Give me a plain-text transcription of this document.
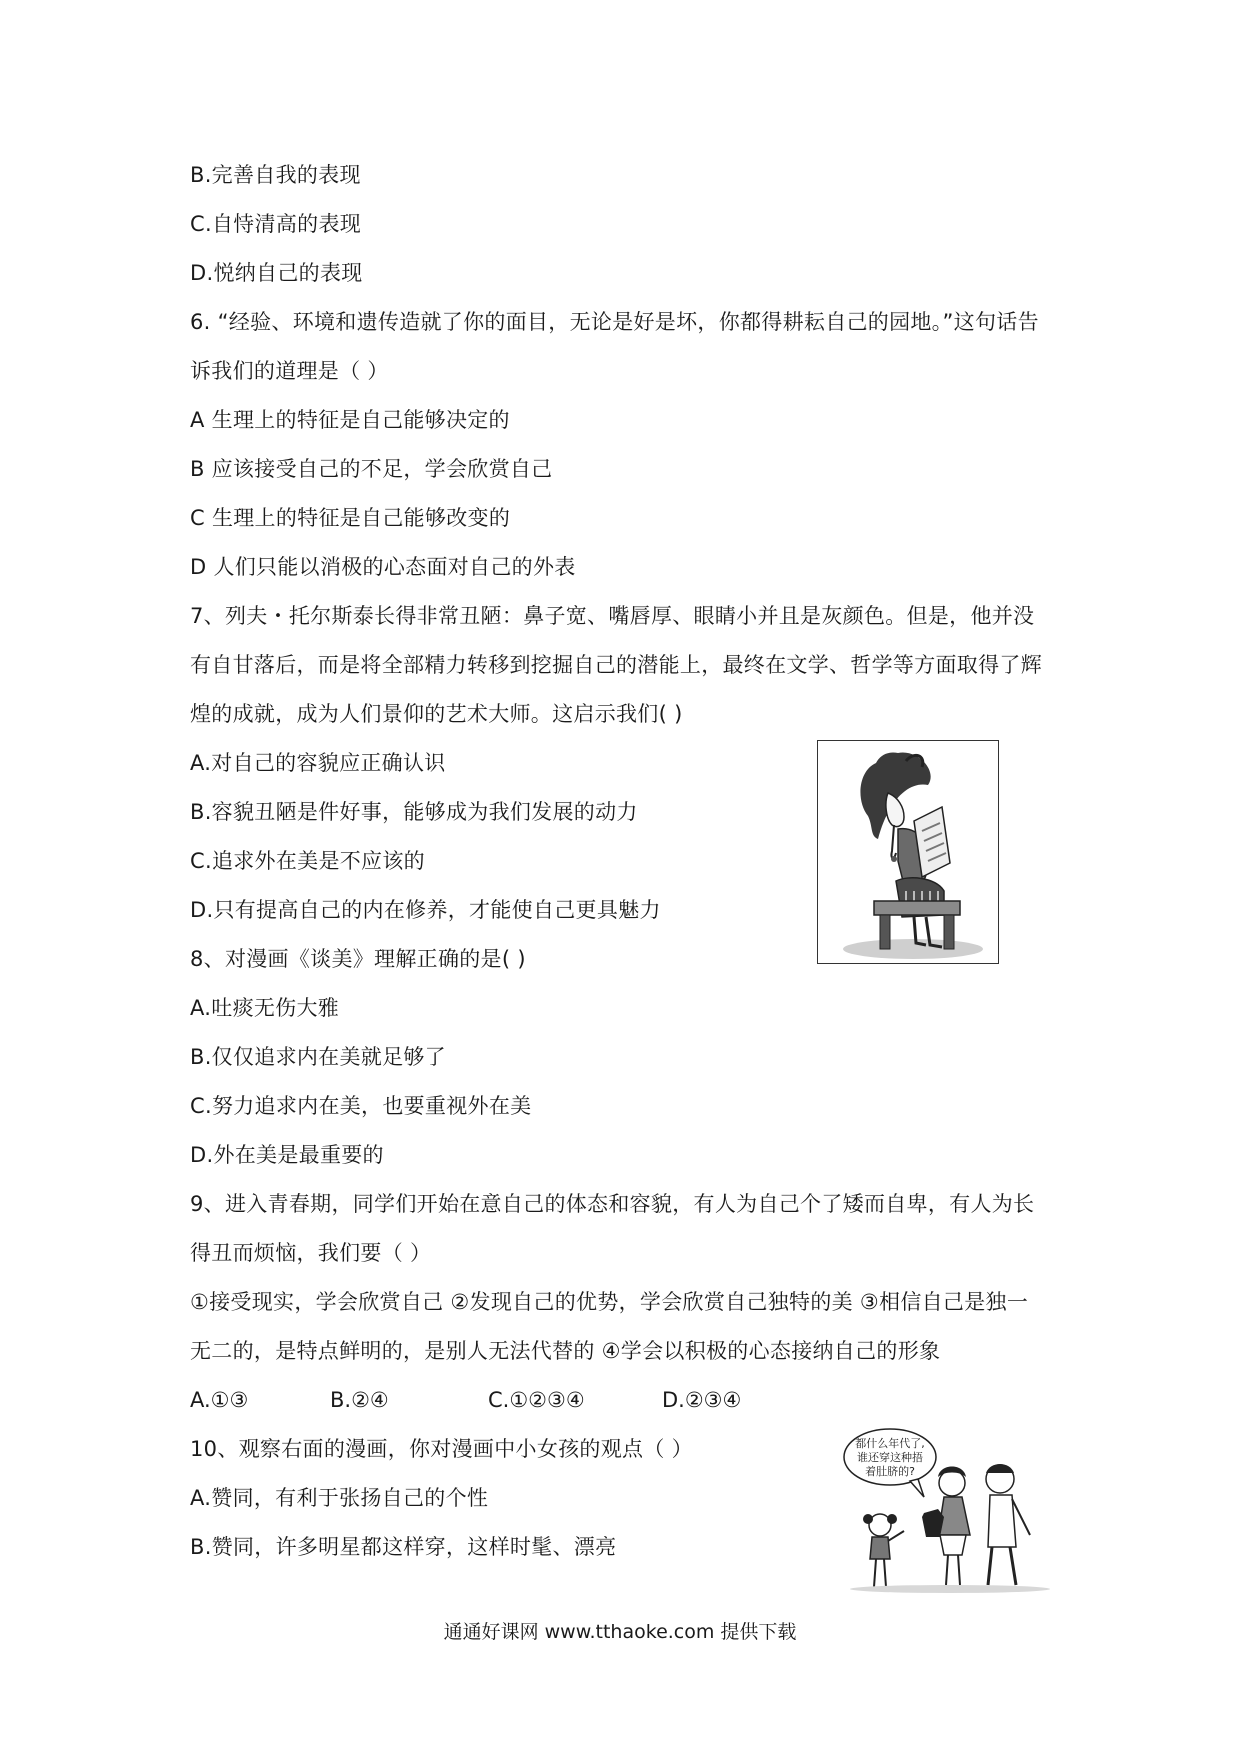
B.完善自我的表现
C.自恃清高的表现
D.悦纳自己的表现
6. “经验、环境和遗传造就了你的面目，无论是好是坏，你都得耕耘自己的园地。”这句话告
诉我们的道理是（ ）
A 生理上的特征是自己能够决定的
B 应该接受自己的不足，学会欣赏自己
C 生理上的特征是自己能够改变的
D 人们只能以消极的心态面对自己的外表
7、列夫・托尔斯泰长得非常丑陋：鼻子宽、嘴唇厚、眼睛小并且是灰颜色。但是，他并没
有自甘落后，而是将全部精力转移到挖掘自己的潜能上，最终在文学、哲学等方面取得了辉
煌的成就，成为人们景仰的艺术大师。这启示我们( )
A.对自己的容貌应正确认识
B.容貌丑陋是件好事，能够成为我们发展的动力
C.追求外在美是不应该的
D.只有提高自己的内在修养，才能使自己更具魅力
8、对漫画《谈美》理解正确的是( )
A.吐痰无伤大雅
B.仅仅追求内在美就足够了
C.努力追求内在美，也要重视外在美
D.外在美是最重要的
9、进入青春期，同学们开始在意自己的体态和容貌，有人为自己个了矮而自卑，有人为长
得丑而烦恼，我们要（ ）
①接受现实，学会欣赏自己 ②发现自己的优势，学会欣赏自己独特的美 ③相信自己是独一
无二的，是特点鲜明的，是别人无法代替的 ④学会以积极的心态接纳自己的形象
A.①③	B.②④	C.①②③④	D.②③④
10、观察右面的漫画，你对漫画中小女孩的观点（ ）
A.赞同，有利于张扬自己的个性
B.赞同，许多明星都这样穿，这样时髦、漂亮
都什么年代了,
谁还穿这种捂
着肚脐的?
通通好课网 www.tthaoke.com 提供下载
